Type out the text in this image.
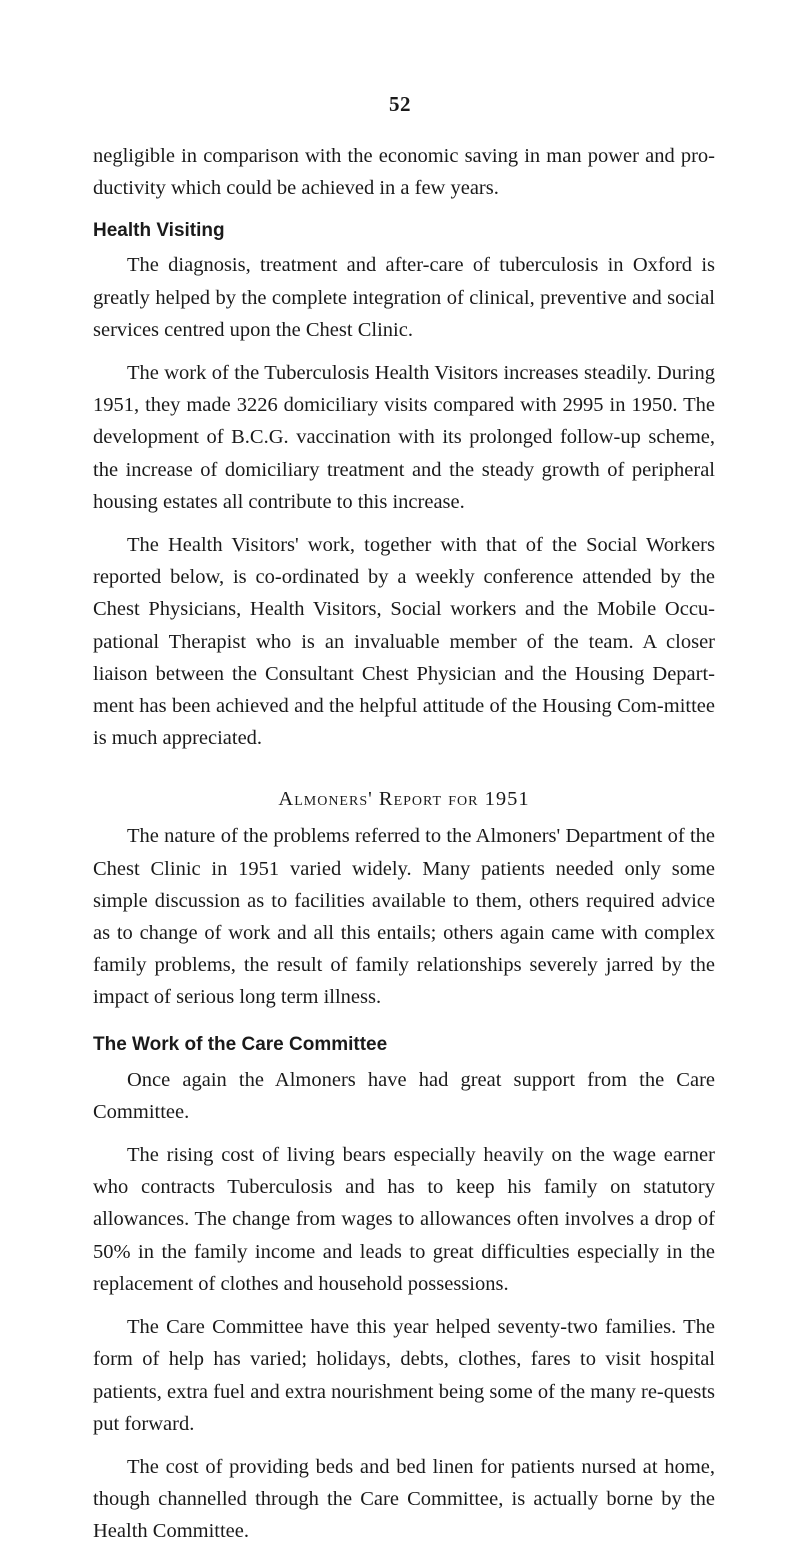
52

negligible in comparison with the economic saving in man power and pro-ductivity which could be achieved in a few years.

Health Visiting

The diagnosis, treatment and after-care of tuberculosis in Oxford is greatly helped by the complete integration of clinical, preventive and social services centred upon the Chest Clinic.

The work of the Tuberculosis Health Visitors increases steadily. During 1951, they made 3226 domiciliary visits compared with 2995 in 1950. The development of B.C.G. vaccination with its prolonged follow-up scheme, the increase of domiciliary treatment and the steady growth of peripheral housing estates all contribute to this increase.

The Health Visitors' work, together with that of the Social Workers reported below, is co-ordinated by a weekly conference attended by the Chest Physicians, Health Visitors, Social workers and the Mobile Occu-pational Therapist who is an invaluable member of the team. A closer liaison between the Consultant Chest Physician and the Housing Depart-ment has been achieved and the helpful attitude of the Housing Com-mittee is much appreciated.

Almoners' Report for 1951

The nature of the problems referred to the Almoners' Department of the Chest Clinic in 1951 varied widely. Many patients needed only some simple discussion as to facilities available to them, others required advice as to change of work and all this entails; others again came with complex family problems, the result of family relationships severely jarred by the impact of serious long term illness.

The Work of the Care Committee

Once again the Almoners have had great support from the Care Committee.

The rising cost of living bears especially heavily on the wage earner who contracts Tuberculosis and has to keep his family on statutory allowances. The change from wages to allowances often involves a drop of 50% in the family income and leads to great difficulties especially in the replacement of clothes and household possessions.

The Care Committee have this year helped seventy-two families. The form of help has varied; holidays, debts, clothes, fares to visit hospital patients, extra fuel and extra nourishment being some of the many re-quests put forward.

The cost of providing beds and bed linen for patients nursed at home, though channelled through the Care Committee, is actually borne by the Health Committee.
